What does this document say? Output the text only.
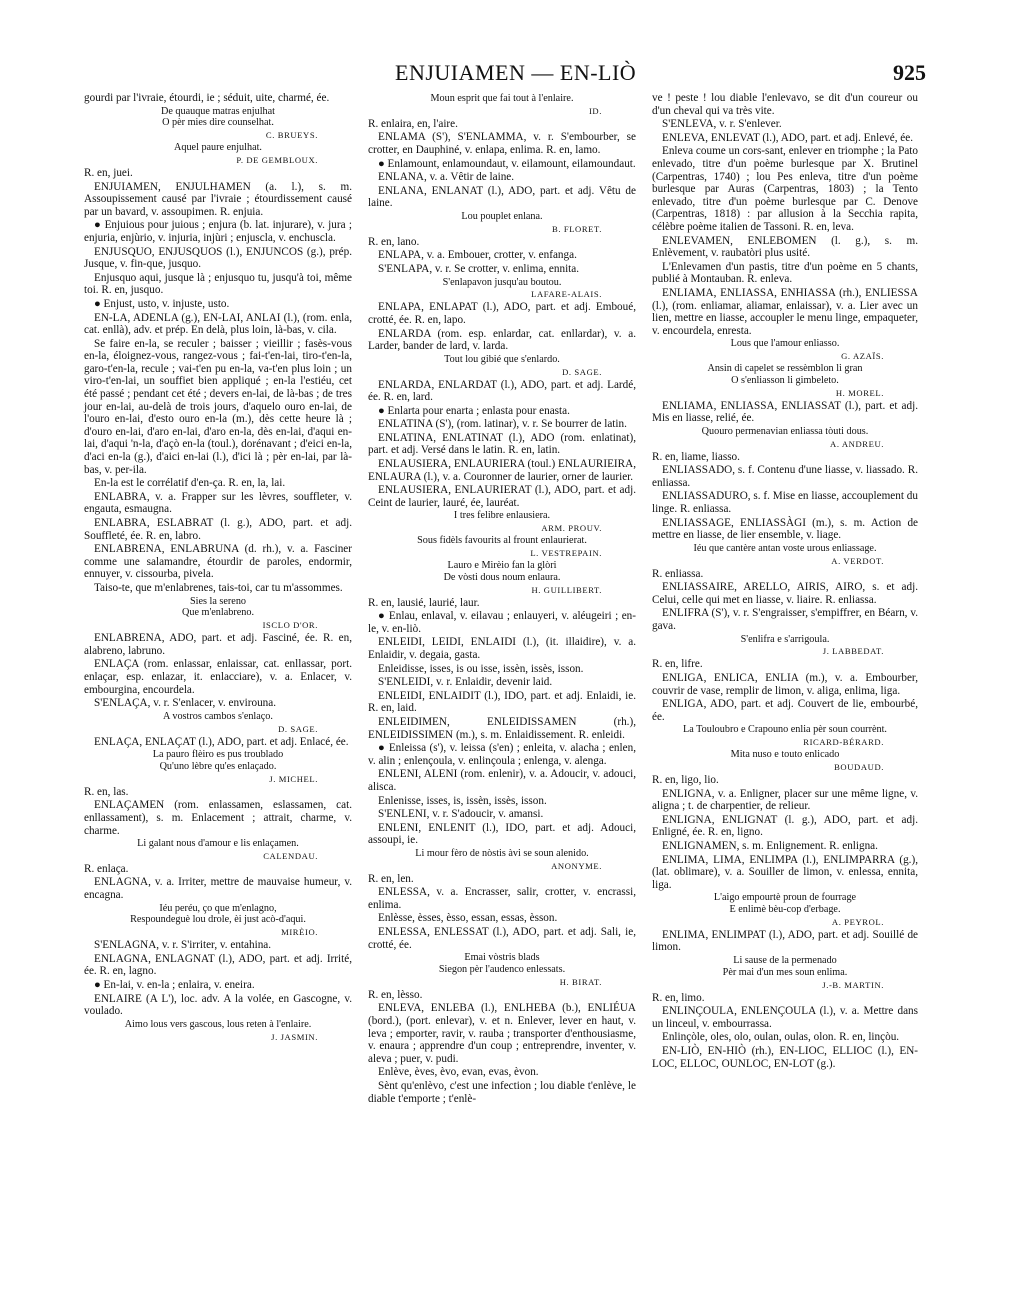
ENJUIAMEN — EN-LIÒ	925

gourdi par l'ivraie, étourdi, ie ; séduit, uite, charmé, ée.

De quauque matras enjulhat
O pèr mies dire counselhat.
C. BRUEYS.
Aquel paure enjulhat.
P. DE GEMBLOUX.

R. en, juei.

ENJUIAMEN, ENJULHAMEN (a. l.), s. m. Assoupissement causé par l'ivraie ; étourdissement causé par un bavard, v. assoupimen. R. enjuia.

● Enjuious pour juious ; enjura (b. lat. injurare), v. jura ; enjuria, enjùrio, v. injuria, injùri ; enjuscla, v. enchuscla.

ENJUSQUO, ENJUSQUOS (l.), ENJUNCOS (g.), prép. Jusque, v. fin-que, jusquo.

Enjusquo aqui, jusque là ; enjusquo tu, jusqu'à toi, même toi. R. en, jusquo.

● Enjust, usto, v. injuste, usto.

EN-LA, ADENLA (g.), EN-LAI, ANLAI (l.), (rom. enla, cat. enllà), adv. et prép. En delà, plus loin, là-bas, v. cila.

Se faire en-la, se reculer ; baisser ; vieillir ; fasès-vous en-la, éloignez-vous, rangez-vous ; fai-t'en-lai, tiro-t'en-la, garo-t'en-la, recule ; vai-t'en pu en-la, va-t'en plus loin ; un viro-t'en-lai, un souffiet bien appliqué ; en-la l'estiéu, cet été passé ; pendant cet été ; devers en-lai, de là-bas ; de tres jour en-lai, au-delà de trois jours, d'aquelo ouro en-lai, de l'ouro en-lai, d'esto ouro en-la (m.), dès cette heure là ; d'ouro en-lai, d'aro en-lai, d'aro en-la, dès en-lai, d'aqui en-lai, d'aqui 'n-la, d'açò en-la (toul.), dorénavant ; d'eici en-la, d'aci en-la (g.), d'aici en-lai (l.), d'ici là ; pèr en-lai, par là-bas, v. per-ila.

En-la est le corrélatif d'en-ça. R. en, la, lai.

ENLABRA, v. a. Frapper sur les lèvres, souffleter, v. engauta, esmaugna.

ENLABRA, ESLABRAT (l. g.), ADO, part. et adj. Souffleté, ée. R. en, labro.

ENLABRENA, ENLABRUNA (d. rh.), v. a. Fasciner comme une salamandre, étourdir de paroles, endormir, ennuyer, v. cissourba, pivela.

Taiso-te, que m'enlabrenes, tais-toi, car tu m'assommes.

Sies la sereno
Que m'enlabreno.
ISCLO D'OR.

ENLABRENA, ADO, part. et adj. Fasciné, ée. R. en, alabreno, labruno.

ENLAÇA (rom. enlassar, enlaissar, cat. enllassar, port. enlaçar, esp. enlazar, it. enlacciare), v. a. Enlacer, v. embourgina, encourdela.

S'ENLAÇA, v. r. S'enlacer, v. envirouna.

A vostros cambos s'enlaço.
D. SAGE.

ENLAÇA, ENLAÇAT (l.), ADO, part. et adj. Enlacé, ée.

La pauro flèiro es pus troublado
Qu'uno lèbre qu'es enlaçado.
J. MICHEL.

R. en, las.

ENLAÇAMEN (rom. enlassamen, eslassamen, cat. enllassament), s. m. Enlacement ; attrait, charme, v. charme.

Li galant nous d'amour e lis enlaçamen.
CALENDAU.

R. enlaça.

ENLAGNA, v. a. Irriter, mettre de mauvaise humeur, v. encagna.

Iéu peréu, ço que m'enlagno,
Respoundeguè lou drole, èi just acò-d'aqui.
MIRÈIO.

S'ENLAGNA, v. r. S'irriter, v. entahina.

ENLAGNA, ENLAGNAT (l.), ADO, part. et adj. Irrité, ée. R. en, lagno.

● En-lai, v. en-la ; enlaira, v. eneira.

ENLAIRE (A L'), loc. adv. A la volée, en Gascogne, v. voulado.

Aimo lous vers gascous, lous reten à l'enlaire.
J. JASMIN.
Moun esprit que fai tout à l'enlaire.
ID.

R. enlaira, en, l'aire.

ENLAMA (S'), S'ENLAMMA, v. r. S'embourber, se crotter, en Dauphiné, v. enlapa, enlima. R. en, lamo.

● Enlamount, enlamoundaut, v. eilamount, eilamoundaut.

ENLANA, v. a. Vêtir de laine.

ENLANA, ENLANAT (l.), ADO, part. et adj. Vêtu de laine.

Lou pouplet enlana.
B. FLORET.

R. en, lano.

ENLAPA, v. a. Embouer, crotter, v. enfanga.

S'ENLAPA, v. r. Se crotter, v. enlima, ennita.

S'enlapavon jusqu'au boutou.
LAFARE-ALAIS.

ENLAPA, ENLAPAT (l.), ADO, part. et adj. Emboué, crotté, ée. R. en, lapo.

ENLARDA (rom. esp. enlardar, cat. enllardar), v. a. Larder, bander de lard, v. larda.

Tout lou gibié que s'enlardo.
D. SAGE.

ENLARDA, ENLARDAT (l.), ADO, part. et adj. Lardé, ée. R. en, lard.

● Enlarta pour enarta ; enlasta pour enasta.

ENLATINA (S'), (rom. latinar), v. r. Se bourrer de latin.

ENLATINA, ENLATINAT (l.), ADO (rom. enlatinat), part. et adj. Versé dans le latin. R. en, latin.

ENLAUSIERA, ENLAURIERA (toul.) ENLAURIEIRA, ENLAURA (l.), v. a. Couronner de laurier, orner de laurier.

ENLAUSIERA, ENLAURIERAT (l.), ADO, part. et adj. Ceint de laurier, lauré, ée, lauréat.

I tres felibre enlausiera.
ARM. PROUV.
Sous fidèls favourits al frount enlaurierat.
L. VESTREPAIN.
Lauro e Mirèio fan la glòri
De vòsti dous noum enlaura.
H. GUILLIBERT.

R. en, lausié, laurié, laur.

● Enlau, enlaval, v. eilavau ; enlauyeri, v. aléugeiri ; en-le, v. en-liò.

ENLEIDI, LEIDI, ENLAIDI (l.), (it. illaidire), v. a. Enlaidir, v. degaia, gasta.

Enleidisse, isses, is ou isse, issèn, issès, isson.

S'ENLEIDI, v. r. Enlaidir, devenir laid.

ENLEIDI, ENLAIDIT (l.), IDO, part. et adj. Enlaidi, ie. R. en, laid.

ENLEIDIMEN, ENLEIDISSAMEN (rh.), ENLEIDISSIMEN (m.), s. m. Enlaidissement. R. enleidi.

● Enleissa (s'), v. leissa (s'en) ; enleita, v. alacha ; enlen, v. alin ; enlençoula, v. enlinçoula ; enlenga, v. alenga.

ENLENI, ALENI (rom. enlenir), v. a. Adoucir, v. adouci, alisca.

Enlenisse, isses, is, issèn, issès, isson.

S'ENLENI, v. r. S'adoucir, v. amansi.

ENLENI, ENLENIT (l.), IDO, part. et adj. Adouci, assoupi, ie.

Li mour fèro de nòstis àvi se soun alenido.
ANONYME.

R. en, len.

ENLESSA, v. a. Encrasser, salir, crotter, v. encrassi, enlima.

Enlèsse, èsses, èsso, essan, essas, èsson.

ENLESSA, ENLESSAT (l.), ADO, part. et adj. Sali, ie, crotté, ée.

Emai vòstris blads
Siegon pèr l'audenco enlessats.
H. BIRAT.

R. en, lèsso.

ENLEVA, ENLEBA (l.), ENLHEBA (b.), ENLIÉUA (bord.), (port. enlevar), v. et n. Enlever, lever en haut, v. leva ; emporter, ravir, v. rauba ; transporter d'enthousiasme, v. enaura ; apprendre d'un coup ; entreprendre, inventer, v. aleva ; puer, v. pudi.

Enlève, èves, èvo, evan, evas, èvon.

Sènt qu'enlèvo, c'est une infection ; lou diable t'enlève, le diable t'emporte ; t'enlè-

ve ! peste ! lou diable l'enlevavo, se dit d'un coureur ou d'un cheval qui va très vite.

S'ENLEVA, v. r. S'enlever.

ENLEVA, ENLEVAT (l.), ADO, part. et adj. Enlevé, ée.

Enleva coume un cors-sant, enlever en triomphe ; la Pato enlevado, titre d'un poème burlesque par X. Brutinel (Carpentras, 1740) ; lou Pes enleva, titre d'un poème burlesque par Auras (Carpentras, 1803) ; la Tento enlevado, titre d'un poème burlesque par C. Denove (Carpentras, 1818) : par allusion à la Secchia rapita, célèbre poème italien de Tassoni. R. en, leva.

ENLEVAMEN, ENLEBOMEN (l. g.), s. m. Enlèvement, v. raubatòri plus usité.

L'Enlevamen d'un pastis, titre d'un poème en 5 chants, publié à Montauban. R. enleva.

ENLIAMA, ENLIASSA, ENHIASSA (rh.), ENLIESSA (l.), (rom. enliamar, aliamar, enlaissar), v. a. Lier avec un lien, mettre en liasse, accoupler le menu linge, empaqueter, v. encourdela, enresta.

Lous que l'amour enliasso.
G. AZAÏS.
Ansin di capelet se ressèmblon li gran
O s'enliasson li gimbeleto.
H. MOREL.

ENLIAMA, ENLIASSA, ENLIASSAT (l.), part. et adj. Mis en liasse, relié, ée.

Quouro permenavian enliassa tòuti dous.
A. ANDREU.

R. en, liame, liasso.

ENLIASSADO, s. f. Contenu d'une liasse, v. liassado. R. enliassa.

ENLIASSADURO, s. f. Mise en liasse, accouplement du linge. R. enliassa.

ENLIASSAGE, ENLIASSÀGI (m.), s. m. Action de mettre en liasse, de lier ensemble, v. liage.

Iéu que cantère antan voste urous enliassage.
A. VERDOT.

R. enliassa.

ENLIASSAIRE, ARELLO, AIRIS, AIRO, s. et adj. Celui, celle qui met en liasse, v. liaire. R. enliassa.

ENLIFRA (S'), v. r. S'engraisser, s'empiffrer, en Béarn, v. gava.

S'enlifra e s'arrigoula.
J. LABBEDAT.

R. en, lifre.

ENLIGA, ENLICA, ENLIA (m.), v. a. Embourber, couvrir de vase, remplir de limon, v. aliga, enlima, liga.

ENLIGA, ADO, part. et adj. Couvert de lie, embourbé, ée.

La Touloubro e Crapouno enlia pèr soun courrènt.
RICARD-BÉRARD.
Mita nuso e touto enlicado
BOUDAUD.

R. en, ligo, lio.

ENLIGNA, v. a. Enligner, placer sur une même ligne, v. aligna ; t. de charpentier, de relieur.

ENLIGNA, ENLIGNAT (l. g.), ADO, part. et adj. Enligné, ée. R. en, ligno.

ENLIGNAMEN, s. m. Enlignement. R. enligna.

ENLIMA, LIMA, ENLIMPA (l.), ENLIMPARRA (g.), (lat. oblimare), v. a. Souiller de limon, v. enlessa, ennita, liga.

L'aigo empourtè proun de fourrage
E enlimè bèu-cop d'erbage.
A. PEYROL.

ENLIMA, ENLIMPAT (l.), ADO, part. et adj. Souillé de limon.

Li sause de la permenado
Pèr mai d'un mes soun enlima.
J.-B. MARTIN.

R. en, limo.

ENLINÇOULA, ENLENÇOULA (l.), v. a. Mettre dans un linceul, v. embourrassa.

Enlinçòle, oles, olo, oulan, oulas, olon. R. en, linçòu.

EN-LIÒ, EN-HIÒ (rh.), EN-LIOC, ELLIOC (l.), EN-LOC, ELLOC, OUNLOC, EN-LOT (g.).
